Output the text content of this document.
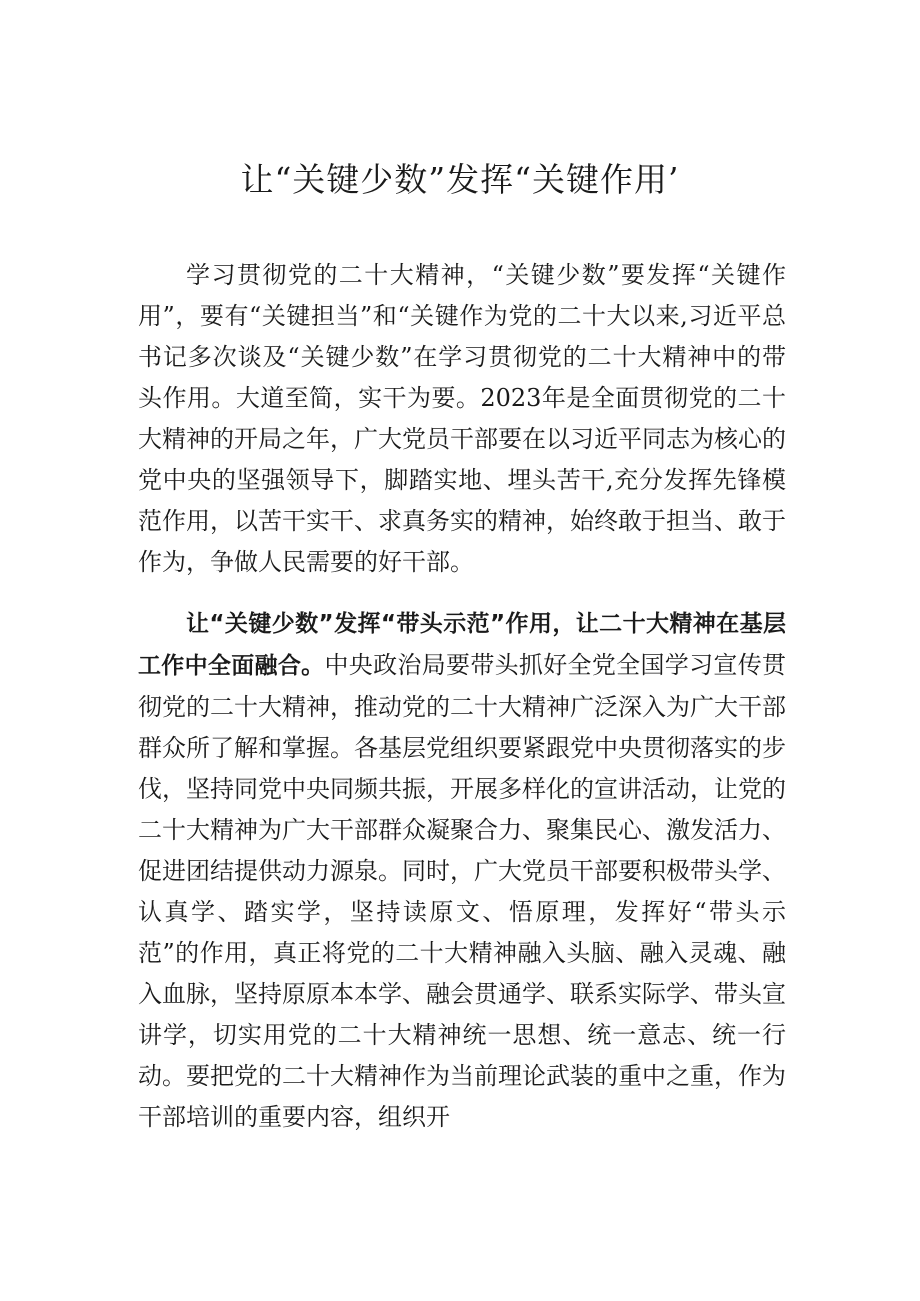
让“关键少数”发挥“关键作用’

学习贯彻党的二十大精神，“关键少数”要发挥“关键作用”，要有“关键担当”和“关键作为党的二十大以来,习近平总书记多次谈及“关键少数”在学习贯彻党的二十大精神中的带头作用。大道至简，实干为要。2023年是全面贯彻党的二十大精神的开局之年，广大党员干部要在以习近平同志为核心的党中央的坚强领导下，脚踏实地、埋头苦干,充分发挥先锋模范作用，以苦干实干、求真务实的精神，始终敢于担当、敢于作为，争做人民需要的好干部。

让“关键少数”发挥“带头示范”作用，让二十大精神在基层工作中全面融合。中央政治局要带头抓好全党全国学习宣传贯彻党的二十大精神，推动党的二十大精神广泛深入为广大干部群众所了解和掌握。各基层党组织要紧跟党中央贯彻落实的步伐，坚持同党中央同频共振，开展多样化的宣讲活动，让党的二十大精神为广大干部群众凝聚合力、聚集民心、激发活力、促进团结提供动力源泉。同时，广大党员干部要积极带头学、认真学、踏实学，坚持读原文、悟原理，发挥好“带头示范”的作用，真正将党的二十大精神融入头脑、融入灵魂、融入血脉，坚持原原本本学、融会贯通学、联系实际学、带头宣讲学，切实用党的二十大精神统一思想、统一意志、统一行动。要把党的二十大精神作为当前理论武装的重中之重，作为干部培训的重要内容，组织开
